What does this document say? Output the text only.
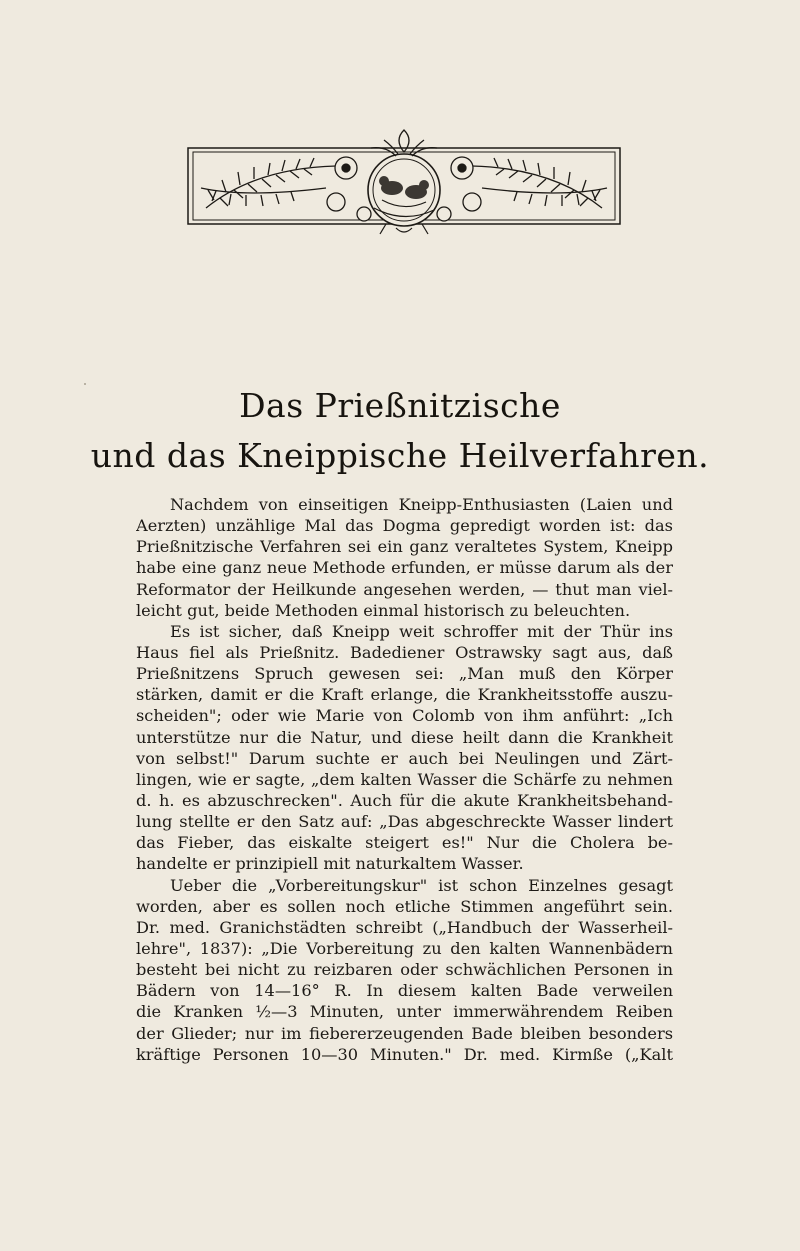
Das Prießnitzische
und das Kneippische Heilverfahren.
Nachdem von einseitigen Kneipp-Enthusiasten (Laien und
Aerzten) unzählige Mal das Dogma gepredigt worden ist: das
Prießnitzische Verfahren sei ein ganz veraltetes System, Kneipp
habe eine ganz neue Methode erfunden, er müsse darum als der
Reformator der Heilkunde angesehen werden, — thut man viel-
leicht gut, beide Methoden einmal historisch zu beleuchten.
Es ist sicher, daß Kneipp weit schroffer mit der Thür ins
Haus fiel als Prießnitz. Badediener Ostrawsky sagt aus, daß
Prießnitzens Spruch gewesen sei: „Man muß den Körper
stärken, damit er die Kraft erlange, die Krankheitsstoffe auszu-
scheiden"; oder wie Marie von Colomb von ihm anführt: „Ich
unterstütze nur die Natur, und diese heilt dann die Krankheit
von selbst!" Darum suchte er auch bei Neulingen und Zärt-
lingen, wie er sagte, „dem kalten Wasser die Schärfe zu nehmen
d. h. es abzuschrecken". Auch für die akute Krankheitsbehand-
lung stellte er den Satz auf: „Das abgeschreckte Wasser lindert
das Fieber, das eiskalte steigert es!" Nur die Cholera be-
handelte er prinzipiell mit naturkaltem Wasser.
Ueber die „Vorbereitungskur" ist schon Einzelnes gesagt
worden, aber es sollen noch etliche Stimmen angeführt sein.
Dr. med. Granichstädten schreibt („Handbuch der Wasserheil-
lehre", 1837): „Die Vorbereitung zu den kalten Wannenbädern
besteht bei nicht zu reizbaren oder schwächlichen Personen in
Bädern von 14—16° R. In diesem kalten Bade verweilen
die Kranken ½—3 Minuten, unter immerwährendem Reiben
der Glieder; nur im fiebererzeugenden Bade bleiben besonders
kräftige Personen 10—30 Minuten." Dr. med. Kirmße („Kalt
